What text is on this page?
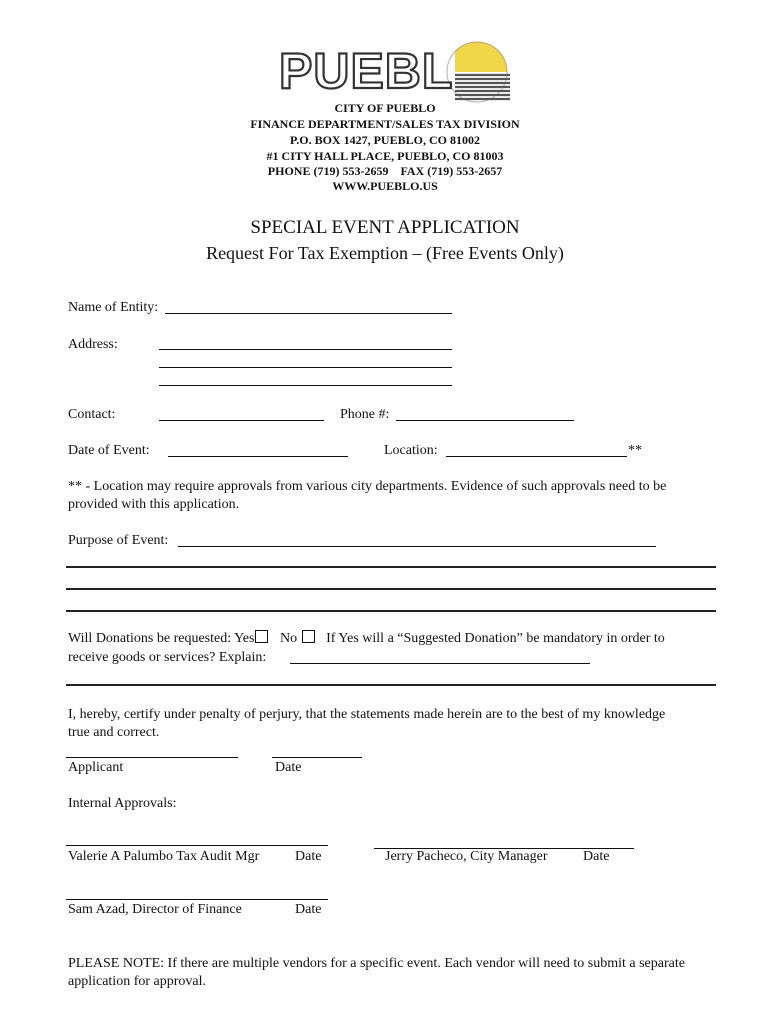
PUEBL
CITY OF PUEBLO
FINANCE DEPARTMENT/SALES TAX DIVISION
P.O. BOX 1427, PUEBLO, CO 81002
#1 CITY HALL PLACE, PUEBLO, CO 81003
PHONE (719) 553-2659    FAX (719) 553-2657
WWW.PUEBLO.US
SPECIAL EVENT APPLICATION
Request For Tax Exemption – (Free Events Only)
Name of Entity:
Address:
Contact:	Phone #:
Date of Event:	Location:	**
** - Location may require approvals from various city departments. Evidence of such approvals need to be provided with this application.
Purpose of Event:
Will Donations be requested: Yes No If Yes will a “Suggested Donation” be mandatory in order to
receive goods or services? Explain:
I, hereby, certify under penalty of perjury, that the statements made herein are to the best of my knowledge true and correct.
Applicant	Date
Internal Approvals:
Valerie A Palumbo Tax Audit Mgr	Date	Jerry Pacheco, City Manager	Date
Sam Azad, Director of Finance	Date
PLEASE NOTE: If there are multiple vendors for a specific event. Each vendor will need to submit a separate application for approval.
